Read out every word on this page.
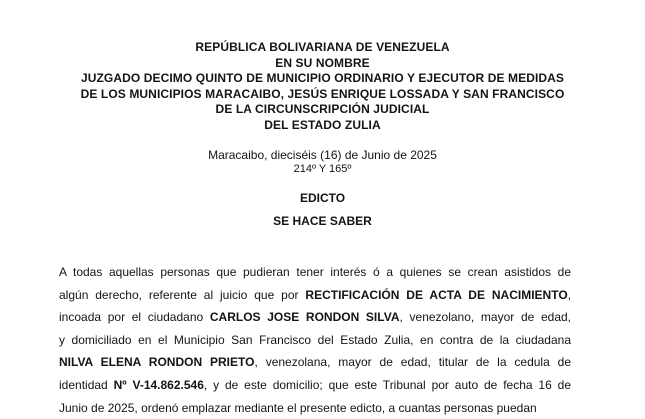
REPÚBLICA BOLIVARIANA DE VENEZUELA
EN SU NOMBRE
JUZGADO DECIMO QUINTO DE MUNICIPIO ORDINARIO Y EJECUTOR DE MEDIDAS
DE LOS MUNICIPIOS MARACAIBO, JESÚS ENRIQUE LOSSADA Y SAN FRANCISCO
DE LA CIRCUNSCRIPCIÓN JUDICIAL
DEL ESTADO ZULIA
Maracaibo, dieciséis (16) de Junio de 2025
214º Y 165º
EDICTO
SE HACE SABER
A todas aquellas personas que pudieran tener interés ó a quienes se crean asistidos de
algún derecho, referente al juicio que por RECTIFICACIÓN DE ACTA DE NACIMIENTO,
incoada por el ciudadano CARLOS JOSE RONDON SILVA, venezolano, mayor de edad,
y domiciliado en el Municipio San Francisco del Estado Zulia, en contra de la ciudadana
NILVA ELENA RONDON PRIETO, venezolana, mayor de edad, titular de la cedula de
identidad Nº V-14.862.546, y de este domicilio; que este Tribunal por auto de fecha 16 de
Junio de 2025, ordenó emplazar mediante el presente edicto, a cuantas personas puedan
